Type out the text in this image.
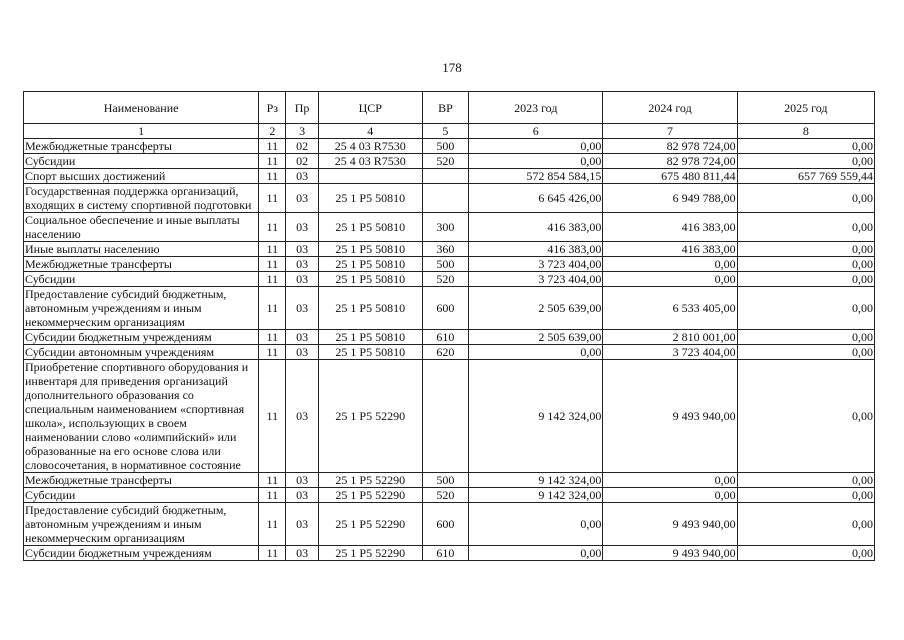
178
Наименование	Рз	Пр	ЦСР	ВР	2023 год	2024 год	2025 год
1	2	3	4	5	6	7	8
Межбюджетные трансферты	11	02	25 4 03 R7530	500	0,00	82 978 724,00	0,00
Субсидии	11	02	25 4 03 R7530	520	0,00	82 978 724,00	0,00
Спорт высших достижений	11	03			572 854 584,15	675 480 811,44	657 769 559,44
Государственная поддержка организаций, входящих в систему спортивной подготовки	11	03	25 1 P5 50810		6 645 426,00	6 949 788,00	0,00
Социальное обеспечение и иные выплаты населению	11	03	25 1 P5 50810	300	416 383,00	416 383,00	0,00
Иные выплаты населению	11	03	25 1 P5 50810	360	416 383,00	416 383,00	0,00
Межбюджетные трансферты	11	03	25 1 P5 50810	500	3 723 404,00	0,00	0,00
Субсидии	11	03	25 1 P5 50810	520	3 723 404,00	0,00	0,00
Предоставление субсидий бюджетным, автономным учреждениям и иным некоммерческим организациям	11	03	25 1 P5 50810	600	2 505 639,00	6 533 405,00	0,00
Субсидии бюджетным учреждениям	11	03	25 1 P5 50810	610	2 505 639,00	2 810 001,00	0,00
Субсидии автономным учреждениям	11	03	25 1 P5 50810	620	0,00	3 723 404,00	0,00
Приобретение спортивного оборудования и инвентаря для приведения организаций дополнительного образования со специальным наименованием «спортивная школа», использующих в своем наименовании слово «олимпийский» или образованные на его основе слова или словосочетания, в нормативное состояние	11	03	25 1 P5 52290		9 142 324,00	9 493 940,00	0,00
Межбюджетные трансферты	11	03	25 1 P5 52290	500	9 142 324,00	0,00	0,00
Субсидии	11	03	25 1 P5 52290	520	9 142 324,00	0,00	0,00
Предоставление субсидий бюджетным, автономным учреждениям и иным некоммерческим организациям	11	03	25 1 P5 52290	600	0,00	9 493 940,00	0,00
Субсидии бюджетным учреждениям	11	03	25 1 P5 52290	610	0,00	9 493 940,00	0,00
